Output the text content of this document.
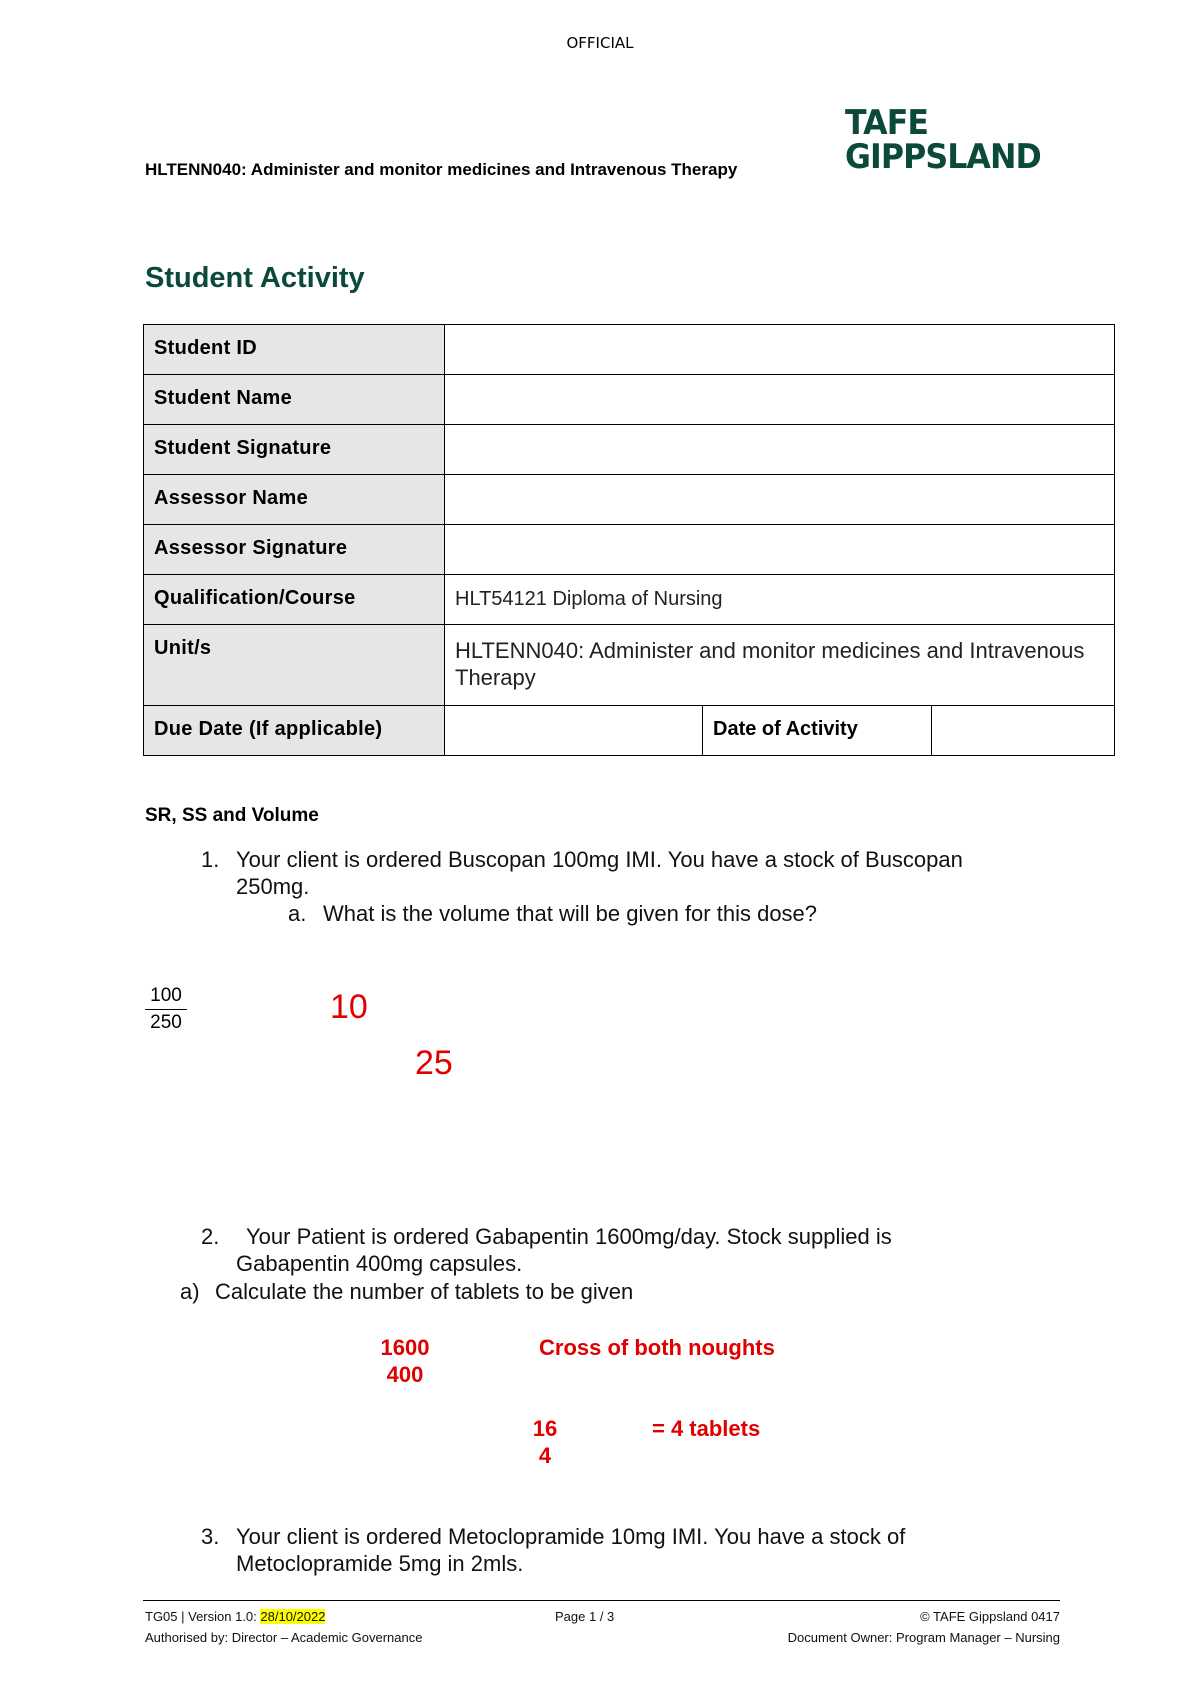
OFFICIAL
HLTENN040: Administer and monitor medicines and Intravenous Therapy
TAFE
GIPPSLAND
Student Activity
Student ID			
Student Name			
Student Signature			
Assessor Name			
Assessor Signature			
Qualification/Course	HLT54121 Diploma of Nursing		
Unit/s	HLTENN040: Administer and monitor medicines and Intravenous Therapy		
Due Date (If applicable)		Date of Activity	
SR, SS and Volume
1. Your client is ordered Buscopan 100mg IMI. You have a stock of Buscopan
250mg.
a. What is the volume that will be given for this dose?
100
250	10
25
2.	Your Patient is ordered Gabapentin 1600mg/day. Stock supplied is
Gabapentin 400mg capsules.
a) Calculate the number of tablets to be given
1600
400
Cross of both noughts
16
4
= 4 tablets
3. Your client is ordered Metoclopramide 10mg IMI. You have a stock of
Metoclopramide 5mg in 2mls.
TG05 | Version 1.0: 28/10/2022
Authorised by: Director – Academic Governance
Page 1 / 3	© TAFE Gippsland 0417
Document Owner: Program Manager – Nursing
